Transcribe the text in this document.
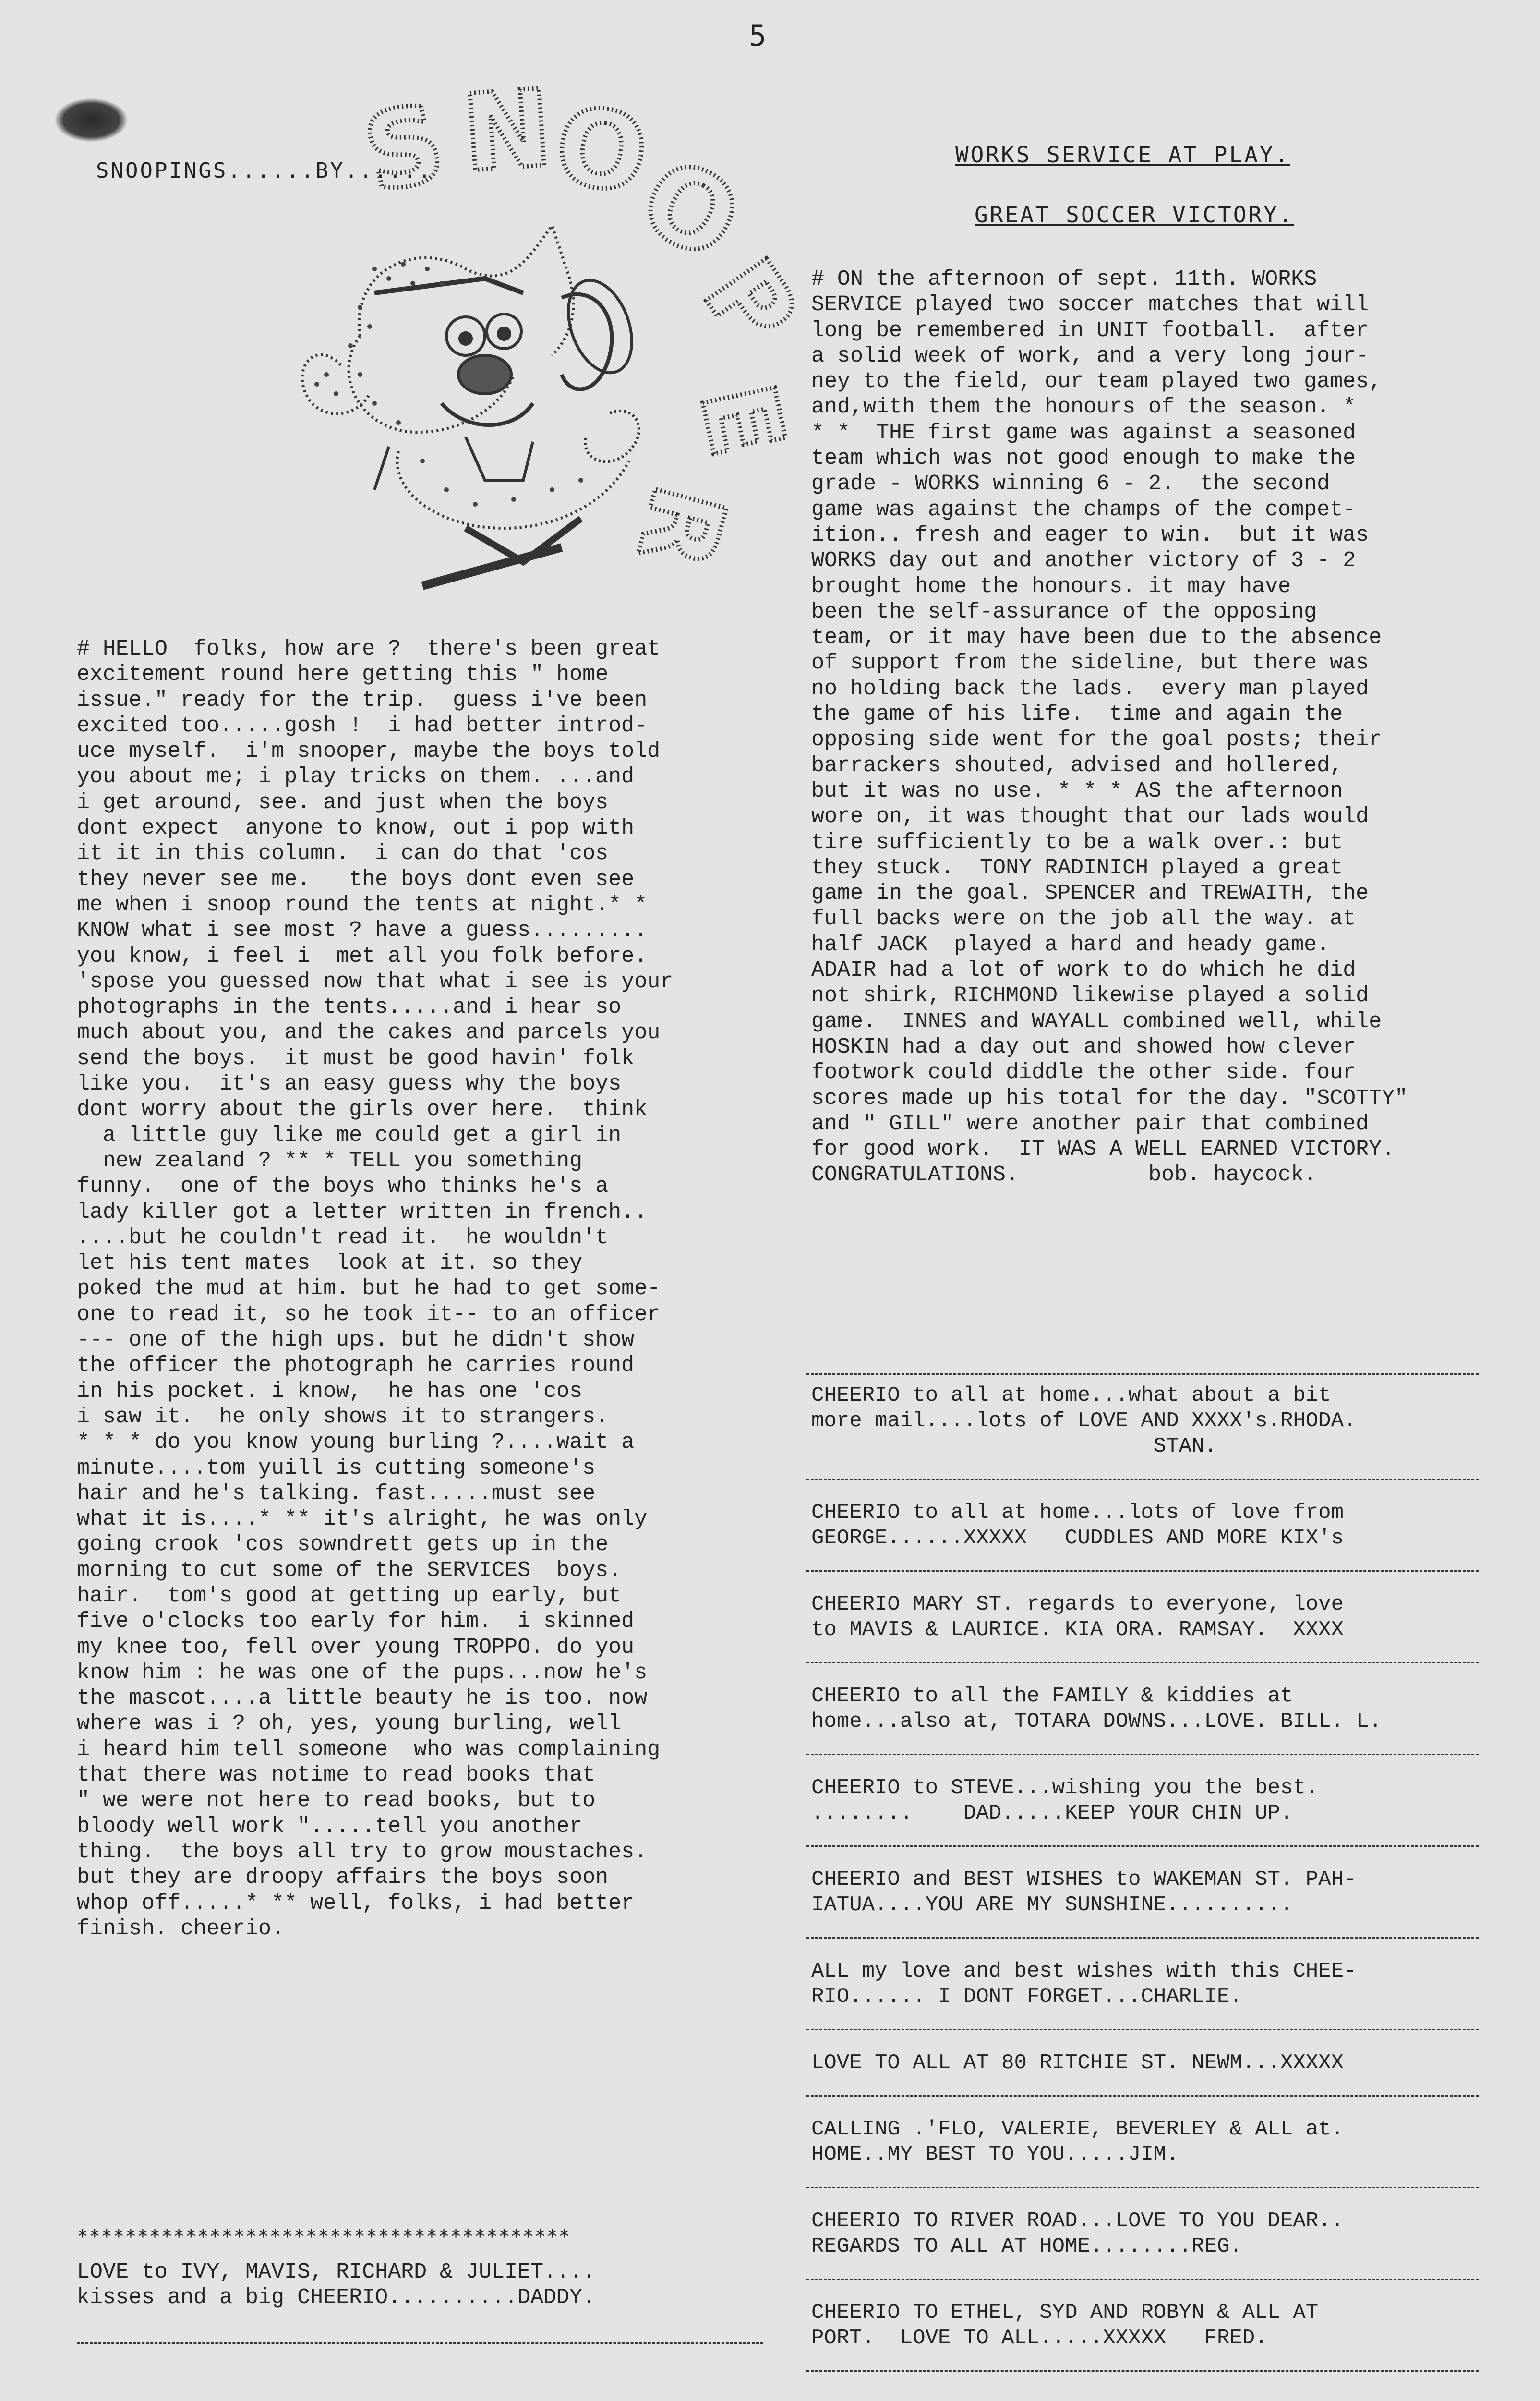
5
SNOOPINGS......BY......
S N
O
O
P
E
R
# HELLO  folks, how are ?  there's been great
excitement round here getting this " home
issue." ready for the trip.  guess i've been
excited too.....gosh !  i had better introd-
uce myself.  i'm snooper, maybe the boys told
you about me; i play tricks on them. ...and
i get around, see. and just when the boys
dont expect  anyone to know, out i pop with
it it in this column.  i can do that 'cos
they never see me.   the boys dont even see
me when i snoop round the tents at night.* *
KNOW what i see most ? have a guess.........
you know, i feel i  met all you folk before.
'spose you guessed now that what i see is your
photographs in the tents.....and i hear so
much about you, and the cakes and parcels you
send the boys.  it must be good havin' folk
like you.  it's an easy guess why the boys
dont worry about the girls over here.  think
a little guy like me could get a girl in
new zealand ? ** * TELL you something
funny.  one of the boys who thinks he's a
lady killer got a letter written in french..
....but he couldn't read it.  he wouldn't
let his tent mates  look at it. so they
poked the mud at him. but he had to get some-
one to read it, so he took it-- to an officer
--- one of the high ups. but he didn't show
the officer the photograph he carries round
in his pocket. i know,  he has one 'cos
i saw it.  he only shows it to strangers.
* * * do you know young burling ?....wait a
minute....tom yuill is cutting someone's
hair and he's talking. fast.....must see
what it is....* ** it's alright, he was only
going crook 'cos sowndrett gets up in the
morning to cut some of the SERVICES  boys.
hair.  tom's good at getting up early, but
five o'clocks too early for him.  i skinned
my knee too, fell over young TROPPO. do you
know him : he was one of the pups...now he's
the mascot....a little beauty he is too. now
where was i ? oh, yes, young burling, well
i heard him tell someone  who was complaining
that there was notime to read books that
" we were not here to read books, but to
bloody well work ".....tell you another
thing.  the boys all try to grow moustaches.
but they are droopy affairs the boys soon
whop off.....* ** well, folks, i had better
finish. cheerio.
*****************************************
LOVE to IVY, MAVIS, RICHARD & JULIET....
kisses and a big CHEERIO..........DADDY.
WORKS SERVICE AT PLAY.
GREAT SOCCER VICTORY.
# ON the afternoon of sept. 11th. WORKS
SERVICE played two soccer matches that will
long be remembered in UNIT football.  after
a solid week of work, and a very long jour-
ney to the field, our team played two games,
and,with them the honours of the season. *
* *  THE first game was against a seasoned
team which was not good enough to make the
grade - WORKS winning 6 - 2.  the second
game was against the champs of the compet-
ition.. fresh and eager to win.  but it was
WORKS day out and another victory of 3 - 2
brought home the honours. it may have
been the self-assurance of the opposing
team, or it may have been due to the absence
of support from the sideline, but there was
no holding back the lads.  every man played
the game of his life.  time and again the
opposing side went for the goal posts; their
barrackers shouted, advised and hollered,
but it was no use. * * * AS the afternoon
wore on, it was thought that our lads would
tire sufficiently to be a walk over.: but
they stuck.  TONY RADINICH played a great
game in the goal. SPENCER and TREWAITH, the
full backs were on the job all the way. at
half JACK  played a hard and heady game.
ADAIR had a lot of work to do which he did
not shirk, RICHMOND likewise played a solid
game.  INNES and WAYALL combined well, while
HOSKIN had a day out and showed how clever
footwork could diddle the other side. four
scores made up his total for the day. "SCOTTY"
and " GILL" were another pair that combined
for good work.  IT WAS A WELL EARNED VICTORY.
CONGRATULATIONS.          bob. haycock.
CHEERIO to all at home...what about a bit
more mail....lots of LOVE AND XXXX's.RHODA.
STAN.
CHEERIO to all at home...lots of love from
GEORGE......XXXXX   CUDDLES AND MORE KIX's
CHEERIO MARY ST. regards to everyone, love
to MAVIS & LAURICE. KIA ORA. RAMSAY.  XXXX
CHEERIO to all the FAMILY & kiddies at
home...also at, TOTARA DOWNS...LOVE. BILL. L.
CHEERIO to STEVE...wishing you the best.
........    DAD.....KEEP YOUR CHIN UP.
CHEERIO and BEST WISHES to WAKEMAN ST. PAH-
IATUA....YOU ARE MY SUNSHINE..........
ALL my love and best wishes with this CHEE-
RIO...... I DONT FORGET...CHARLIE.
LOVE TO ALL AT 80 RITCHIE ST. NEWM...XXXXX
CALLING .'FLO, VALERIE, BEVERLEY & ALL at.
HOME..MY BEST TO YOU.....JIM.
CHEERIO TO RIVER ROAD...LOVE TO YOU DEAR..
REGARDS TO ALL AT HOME........REG.
CHEERIO TO ETHEL, SYD AND ROBYN & ALL AT
PORT.  LOVE TO ALL.....XXXXX   FRED.
